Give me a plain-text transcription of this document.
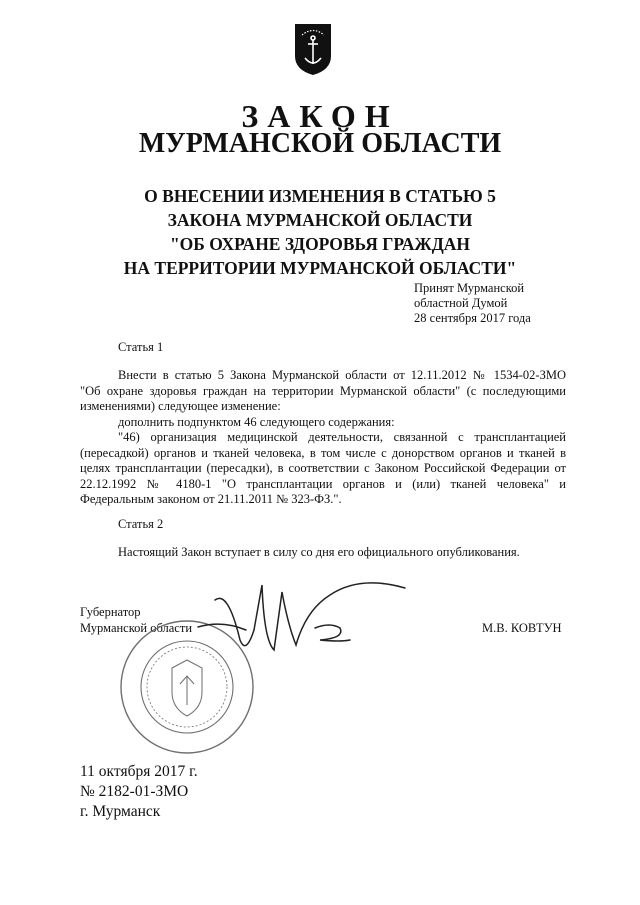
ЗАКОН
МУРМАНСКОЙ ОБЛАСТИ
О ВНЕСЕНИИ ИЗМЕНЕНИЯ В СТАТЬЮ 5
ЗАКОНА МУРМАНСКОЙ ОБЛАСТИ
"ОБ ОХРАНЕ ЗДОРОВЬЯ ГРАЖДАН
НА ТЕРРИТОРИИ МУРМАНСКОЙ ОБЛАСТИ"
Принят Мурманской
областной Думой
28 сентября 2017 года
Статья 1
Внести в статью 5 Закона Мурманской области от 12.11.2012 № 1534-02-ЗМО
"Об охране здоровья граждан на территории Мурманской области" (с последующими
изменениями) следующее изменение:
дополнить подпунктом 46 следующего содержания:
"46) организация медицинской деятельности, связанной с трансплантацией
(пересадкой) органов и тканей человека, в том числе с донорством органов и тканей в
целях трансплантации (пересадки), в соответствии с Законом Российской Федерации от
22.12.1992 № 4180-1 "О трансплантации органов и (или) тканей человека" и
Федеральным законом от 21.11.2011 № 323-ФЗ.".
Статья 2
Настоящий Закон вступает в силу со дня его официального опубликования.
Губернатор
Мурманской области	М.В. КОВТУН
11 октября 2017 г.
№ 2182-01-ЗМО
г. Мурманск
